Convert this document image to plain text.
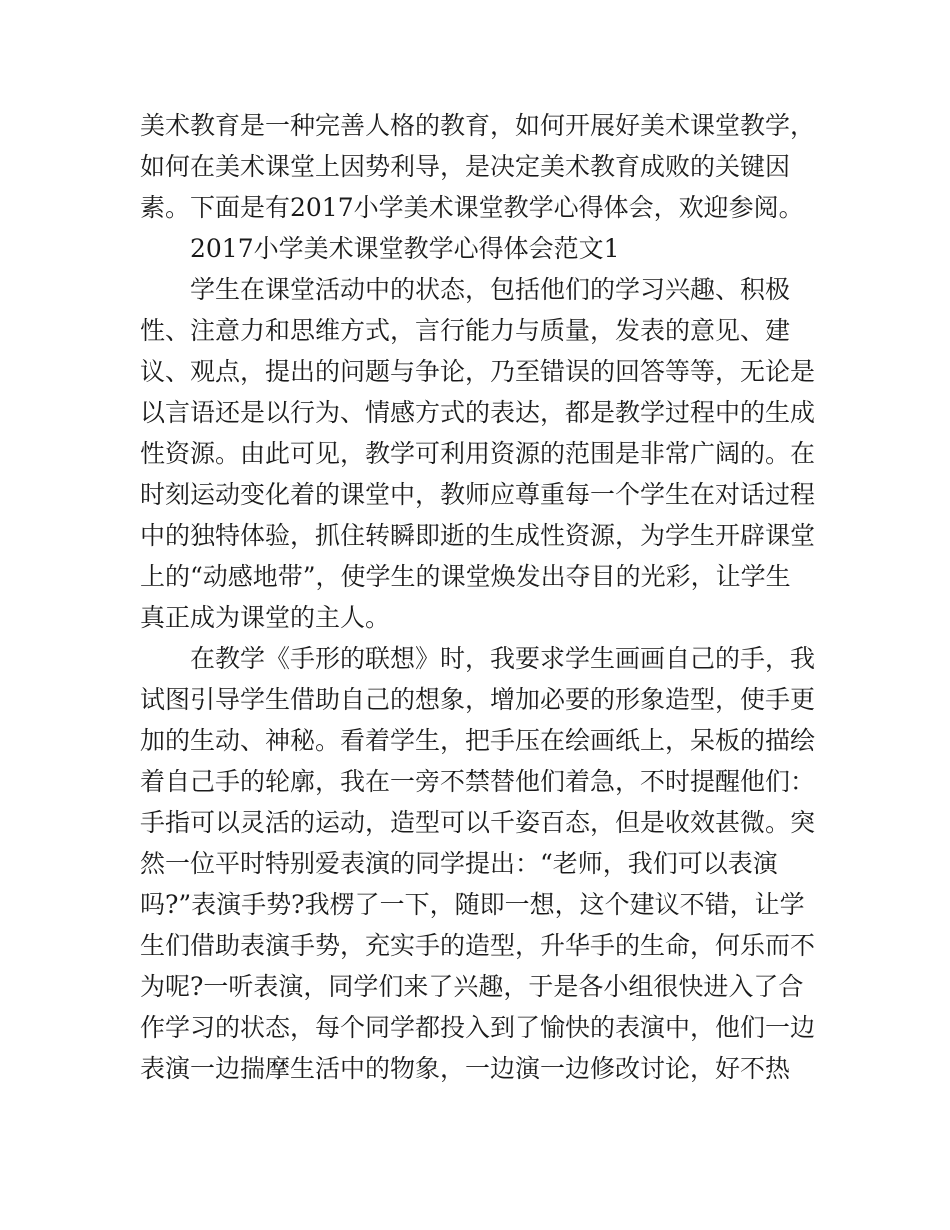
美术教育是一种完善人格的教育，如何开展好美术课堂教学，
如何在美术课堂上因势利导，是决定美术教育成败的关键因
素。下面是有2017小学美术课堂教学心得体会，欢迎参阅。
2017小学美术课堂教学心得体会范文1
学生在课堂活动中的状态，包括他们的学习兴趣、积极
性、注意力和思维方式，言行能力与质量，发表的意见、建
议、观点，提出的问题与争论，乃至错误的回答等等，无论是
以言语还是以行为、情感方式的表达，都是教学过程中的生成
性资源。由此可见，教学可利用资源的范围是非常广阔的。在
时刻运动变化着的课堂中，教师应尊重每一个学生在对话过程
中的独特体验，抓住转瞬即逝的生成性资源，为学生开辟课堂
上的“动感地带”，使学生的课堂焕发出夺目的光彩，让学生
真正成为课堂的主人。
在教学《手形的联想》时，我要求学生画画自己的手，我
试图引导学生借助自己的想象，增加必要的形象造型，使手更
加的生动、神秘。看着学生，把手压在绘画纸上，呆板的描绘
着自己手的轮廓，我在一旁不禁替他们着急，不时提醒他们：
手指可以灵活的运动，造型可以千姿百态，但是收效甚微。突
然一位平时特别爱表演的同学提出：“老师，我们可以表演
吗?”表演手势?我楞了一下，随即一想，这个建议不错，让学
生们借助表演手势，充实手的造型，升华手的生命，何乐而不
为呢?一听表演，同学们来了兴趣，于是各小组很快进入了合
作学习的状态，每个同学都投入到了愉快的表演中，他们一边
表演一边揣摩生活中的物象，一边演一边修改讨论，好不热
